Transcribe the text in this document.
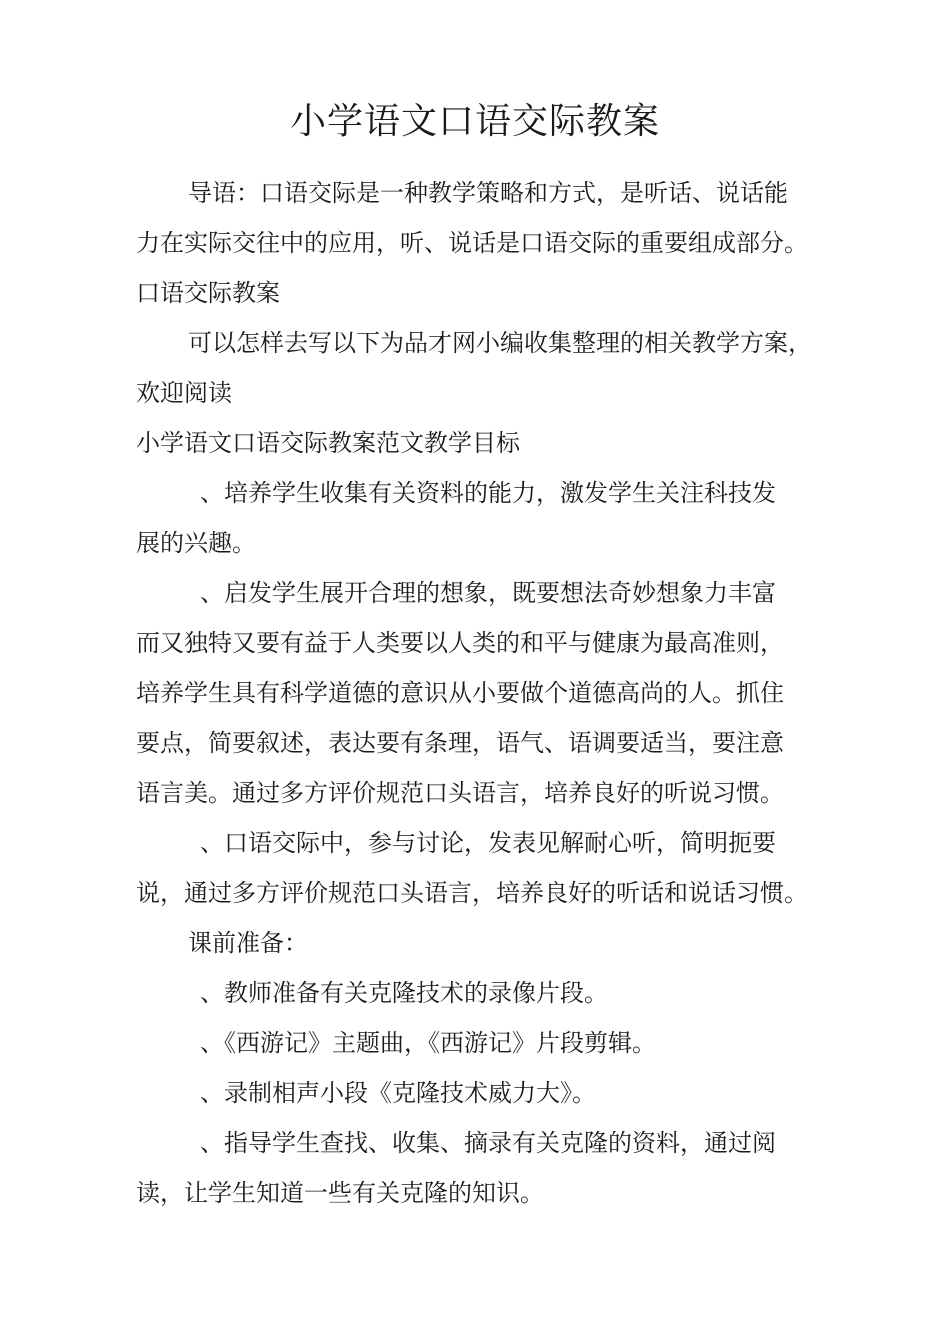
小学语文口语交际教案

导语：口语交际是一种教学策略和方式，是听话、说话能

力在实际交往中的应用，听、说话是口语交际的重要组成部分。

口语交际教案

可以怎样去写以下为品才网小编收集整理的相关教学方案，

欢迎阅读

小学语文口语交际教案范文教学目标

、培养学生收集有关资料的能力，激发学生关注科技发

展的兴趣。

、启发学生展开合理的想象，既要想法奇妙想象力丰富

而又独特又要有益于人类要以人类的和平与健康为最高准则，

培养学生具有科学道德的意识从小要做个道德高尚的人。抓住

要点，简要叙述，表达要有条理，语气、语调要适当，要注意

语言美。通过多方评价规范口头语言，培养良好的听说习惯。

、口语交际中，参与讨论，发表见解耐心听，简明扼要

说，通过多方评价规范口头语言，培养良好的听话和说话习惯。

课前准备：

、教师准备有关克隆技术的录像片段。

、《西游记》主题曲，《西游记》片段剪辑。

、录制相声小段《克隆技术威力大》。

、指导学生查找、收集、摘录有关克隆的资料，通过阅

读，让学生知道一些有关克隆的知识。
